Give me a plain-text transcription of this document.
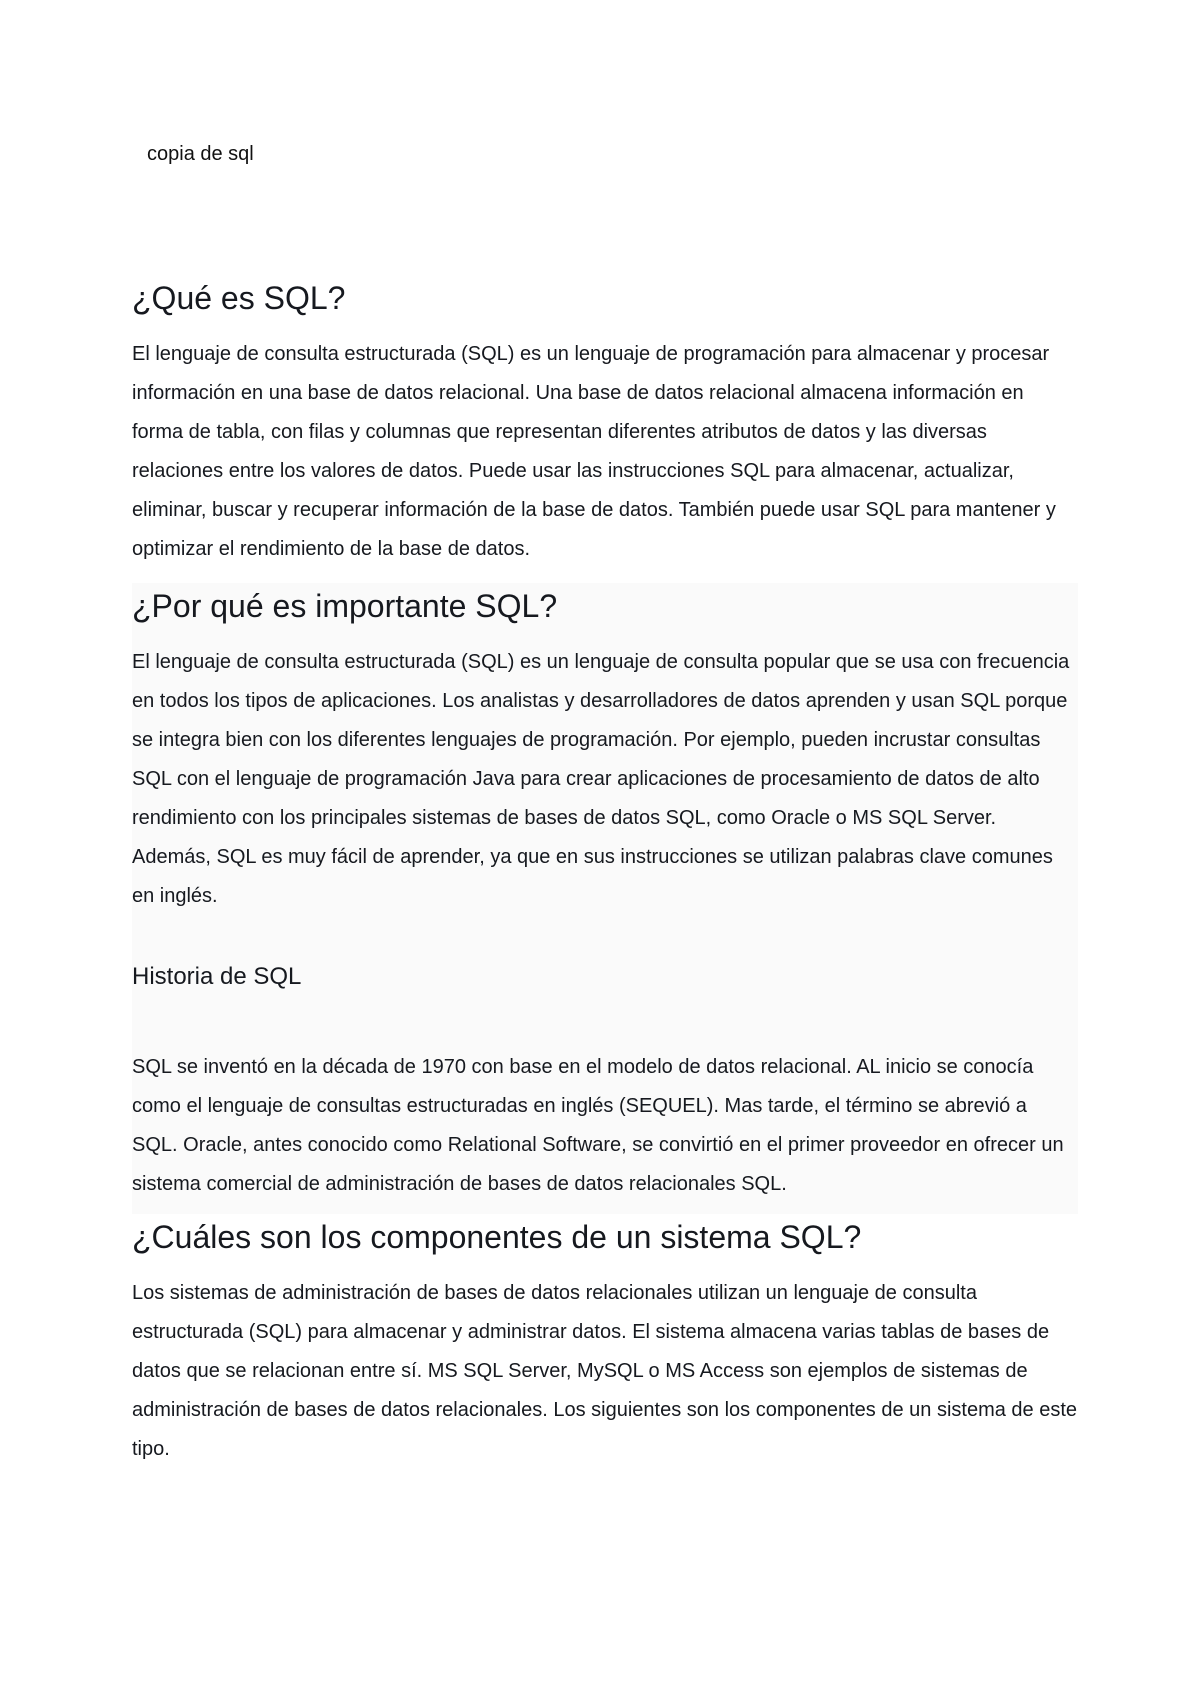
copia de sql
¿Qué es SQL?

El lenguaje de consulta estructurada (SQL) es un lenguaje de programación para almacenar y procesar información en una base de datos relacional. Una base de datos relacional almacena información en forma de tabla, con filas y columnas que representan diferentes atributos de datos y las diversas relaciones entre los valores de datos. Puede usar las instrucciones SQL para almacenar, actualizar, eliminar, buscar y recuperar información de la base de datos. También puede usar SQL para mantener y optimizar el rendimiento de la base de datos.

¿Por qué es importante SQL?

El lenguaje de consulta estructurada (SQL) es un lenguaje de consulta popular que se usa con frecuencia en todos los tipos de aplicaciones. Los analistas y desarrolladores de datos aprenden y usan SQL porque se integra bien con los diferentes lenguajes de programación. Por ejemplo, pueden incrustar consultas SQL con el lenguaje de programación Java para crear aplicaciones de procesamiento de datos de alto rendimiento con los principales sistemas de bases de datos SQL, como Oracle o MS SQL Server. Además, SQL es muy fácil de aprender, ya que en sus instrucciones se utilizan palabras clave comunes en inglés.

Historia de SQL

SQL se inventó en la década de 1970 con base en el modelo de datos relacional. AL inicio se conocía como el lenguaje de consultas estructuradas en inglés (SEQUEL). Mas tarde, el término se abrevió a SQL. Oracle, antes conocido como Relational Software, se convirtió en el primer proveedor en ofrecer un sistema comercial de administración de bases de datos relacionales SQL.

¿Cuáles son los componentes de un sistema SQL?

Los sistemas de administración de bases de datos relacionales utilizan un lenguaje de consulta estructurada (SQL) para almacenar y administrar datos. El sistema almacena varias tablas de bases de datos que se relacionan entre sí. MS SQL Server, MySQL o MS Access son ejemplos de sistemas de administración de bases de datos relacionales. Los siguientes son los componentes de un sistema de este tipo.
